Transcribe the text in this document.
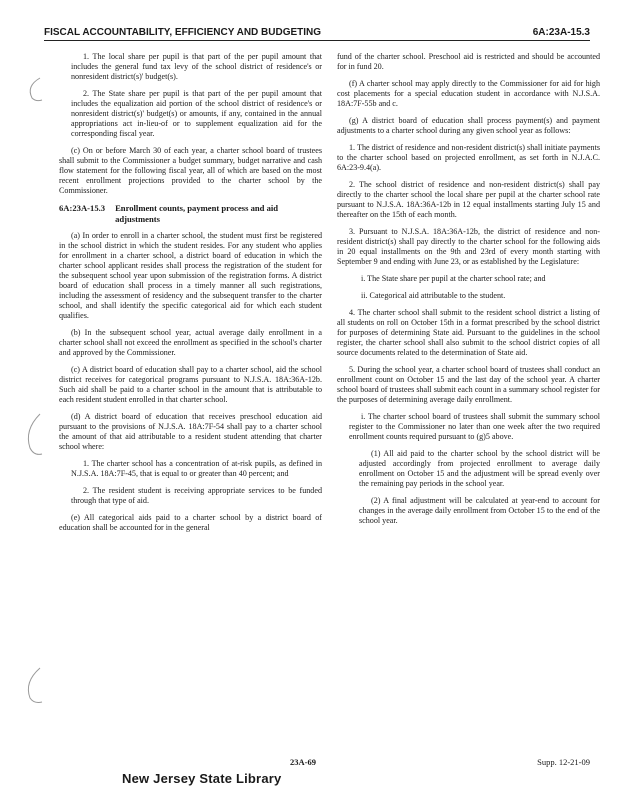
FISCAL ACCOUNTABILITY, EFFICIENCY AND BUDGETING	6A:23A-15.3

1. The local share per pupil is that part of the per pupil amount that includes the general fund tax levy of the school district of residence's or nonresident district(s)' budget(s).

2. The State share per pupil is that part of the per pupil amount that includes the equalization aid portion of the school district of residence's or nonresident district(s)' budget(s) or amounts, if any, contained in the annual appropriations act in-lieu-of or to supplement equalization aid for the corresponding fiscal year.

(c) On or before March 30 of each year, a charter school board of trustees shall submit to the Commissioner a budget summary, budget narrative and cash flow statement for the following fiscal year, all of which are based on the most recent enrollment projections provided to the charter school by the Commissioner.

6A:23A-15.3 Enrollment counts, payment process and aid adjustments

(a) In order to enroll in a charter school, the student must first be registered in the school district in which the student resides. For any student who applies for enrollment in a charter school, a district board of education in which the charter school applicant resides shall process the registration of the student for the subsequent school year upon submission of the registration forms. A district board of education shall process in a timely manner all such registrations, including the assessment of residency and the subsequent transfer to the charter school, and shall identify the specific categorical aid for which each student qualifies.

(b) In the subsequent school year, actual average daily enrollment in a charter school shall not exceed the enrollment as specified in the school's charter and approved by the Commissioner.

(c) A district board of education shall pay to a charter school, aid the school district receives for categorical programs pursuant to N.J.S.A. 18A:36A-12b. Such aid shall be paid to a charter school in the amount that is attributable to each resident student enrolled in that charter school.

(d) A district board of education that receives preschool education aid pursuant to the provisions of N.J.S.A. 18A:7F-54 shall pay to a charter school the amount of that aid attributable to a resident student attending that charter school where:

1. The charter school has a concentration of at-risk pupils, as defined in N.J.S.A. 18A:7F-45, that is equal to or greater than 40 percent; and

2. The resident student is receiving appropriate services to be funded through that type of aid.

(e) All categorical aids paid to a charter school by a district board of education shall be accounted for in the general

fund of the charter school. Preschool aid is restricted and should be accounted for in fund 20.

(f) A charter school may apply directly to the Commissioner for aid for high cost placements for a special education student in accordance with N.J.S.A. 18A:7F-55b and c.

(g) A district board of education shall process payment(s) and payment adjustments to a charter school during any given school year as follows:

1. The district of residence and non-resident district(s) shall initiate payments to the charter school based on projected enrollment, as set forth in N.J.A.C. 6A:23-9.4(a).

2. The school district of residence and non-resident district(s) shall pay directly to the charter school the local share per pupil at the charter school rate pursuant to N.J.S.A. 18A:36A-12b in 12 equal installments starting July 15 and thereafter on the 15th of each month.

3. Pursuant to N.J.S.A. 18A:36A-12b, the district of residence and non-resident district(s) shall pay directly to the charter school for the following aids in 20 equal installments on the 9th and 23rd of every month starting with September 9 and ending with June 23, or as established by the Legislature:

i. The State share per pupil at the charter school rate; and

ii. Categorical aid attributable to the student.

4. The charter school shall submit to the resident school district a listing of all students on roll on October 15th in a format prescribed by the school district for purposes of determining State aid. Pursuant to the guidelines in the school register, the charter school shall also submit to the school district copies of all source documents related to the determination of State aid.

5. During the school year, a charter school board of trustees shall conduct an enrollment count on October 15 and the last day of the school year. A charter school board of trustees shall submit each count in a summary school register for the purposes of determining average daily enrollment.

i. The charter school board of trustees shall submit the summary school register to the Commissioner no later than one week after the two required enrollment counts required pursuant to (g)5 above.

(1) All aid paid to the charter school by the school district will be adjusted accordingly from projected enrollment to average daily enrollment on October 15 and the adjustment will be spread evenly over the remaining pay periods in the school year.

(2) A final adjustment will be calculated at year-end to account for changes in the average daily enrollment from October 15 to the end of the school year.

23A-69	Supp. 12-21-09
New Jersey State Library
